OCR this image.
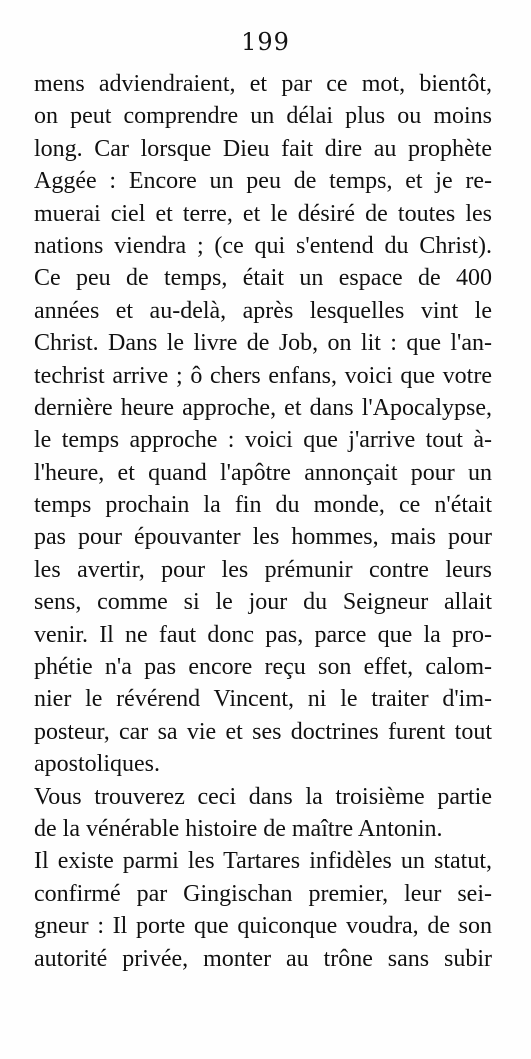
199
mens adviendraient, et par ce mot, bientôt,
on peut comprendre un délai plus ou moins
long. Car lorsque Dieu fait dire au prophète
Aggée : Encore un peu de temps, et je re-
muerai ciel et terre, et le désiré de toutes les
nations viendra ; (ce qui s'entend du Christ).
Ce peu de temps, était un espace de 400
années et au-delà, après lesquelles vint le
Christ. Dans le livre de Job, on lit : que l'an-
techrist arrive ; ô chers enfans, voici que votre
dernière heure approche, et dans l'Apocalypse,
le temps approche : voici que j'arrive tout à-
l'heure, et quand l'apôtre annonçait pour un
temps prochain la fin du monde, ce n'était
pas pour épouvanter les hommes, mais pour
les avertir, pour les prémunir contre leurs
sens, comme si le jour du Seigneur allait
venir. Il ne faut donc pas, parce que la pro-
phétie n'a pas encore reçu son effet, calom-
nier le révérend Vincent, ni le traiter d'im-
posteur, car sa vie et ses doctrines furent tout
apostoliques.
Vous trouverez ceci dans la troisième partie
de la vénérable histoire de maître Antonin.
Il existe parmi les Tartares infidèles un statut,
confirmé par Gingischan premier, leur sei-
gneur : Il porte que quiconque voudra, de son
autorité privée, monter au trône sans subir
